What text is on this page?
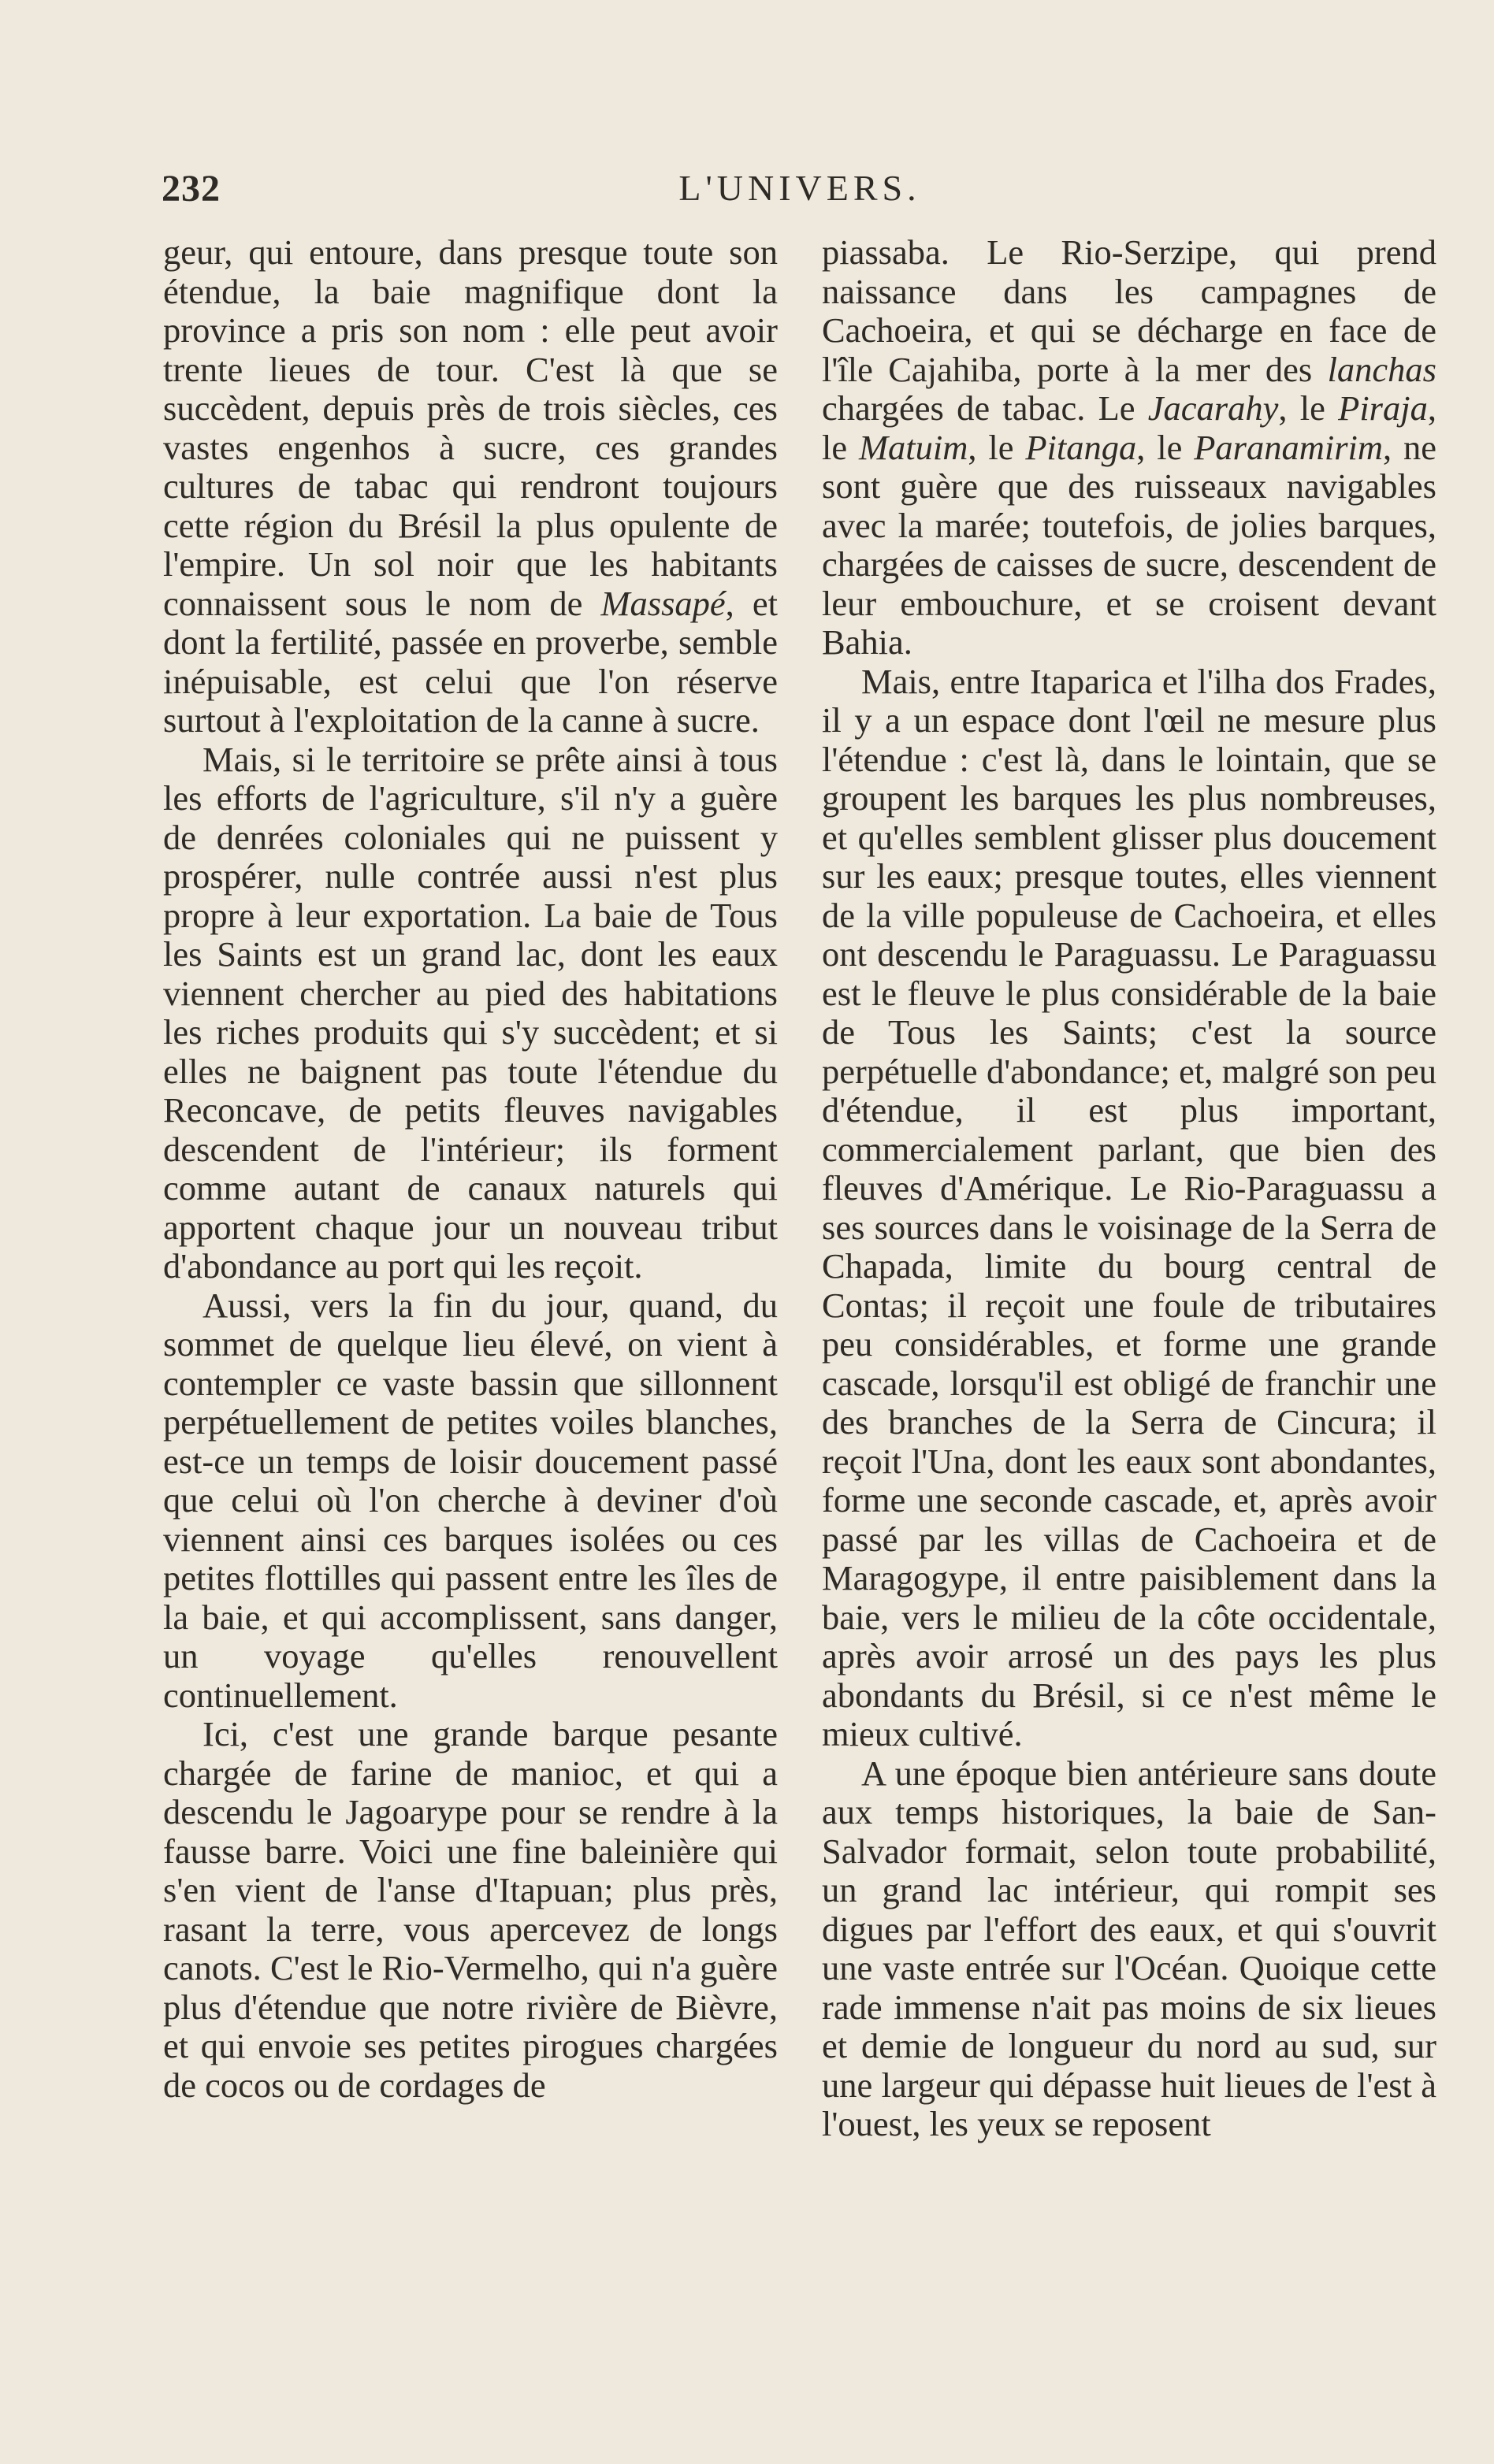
232	L'UNIVERS.

geur, qui entoure, dans presque toute son étendue, la baie magnifique dont la province a pris son nom : elle peut avoir trente lieues de tour. C'est là que se succèdent, depuis près de trois siècles, ces vastes engenhos à sucre, ces grandes cultures de tabac qui rendront toujours cette région du Brésil la plus opulente de l'empire. Un sol noir que les habitants connaissent sous le nom de Massapé, et dont la fertilité, passée en proverbe, semble inépuisable, est celui que l'on réserve surtout à l'exploitation de la canne à sucre.

Mais, si le territoire se prête ainsi à tous les efforts de l'agriculture, s'il n'y a guère de denrées coloniales qui ne puissent y prospérer, nulle contrée aussi n'est plus propre à leur exportation. La baie de Tous les Saints est un grand lac, dont les eaux viennent chercher au pied des habitations les riches produits qui s'y succèdent; et si elles ne baignent pas toute l'étendue du Reconcave, de petits fleuves navigables descendent de l'intérieur; ils forment comme autant de canaux naturels qui apportent chaque jour un nouveau tribut d'abondance au port qui les reçoit.

Aussi, vers la fin du jour, quand, du sommet de quelque lieu élevé, on vient à contempler ce vaste bassin que sillonnent perpétuellement de petites voiles blanches, est-ce un temps de loisir doucement passé que celui où l'on cherche à deviner d'où viennent ainsi ces barques isolées ou ces petites flottilles qui passent entre les îles de la baie, et qui accomplissent, sans danger, un voyage qu'elles renouvellent continuellement.

Ici, c'est une grande barque pesante chargée de farine de manioc, et qui a descendu le Jagoarype pour se rendre à la fausse barre. Voici une fine baleinière qui s'en vient de l'anse d'Itapuan; plus près, rasant la terre, vous apercevez de longs canots. C'est le Rio-Vermelho, qui n'a guère plus d'étendue que notre rivière de Bièvre, et qui envoie ses petites pirogues chargées de cocos ou de cordages de

piassaba. Le Rio-Serzipe, qui prend naissance dans les campagnes de Cachoeira, et qui se décharge en face de l'île Cajahiba, porte à la mer des lanchas chargées de tabac. Le Jacarahy, le Piraja, le Matuim, le Pitanga, le Paranamirim, ne sont guère que des ruisseaux navigables avec la marée; toutefois, de jolies barques, chargées de caisses de sucre, descendent de leur embouchure, et se croisent devant Bahia.

Mais, entre Itaparica et l'ilha dos Frades, il y a un espace dont l'œil ne mesure plus l'étendue : c'est là, dans le lointain, que se groupent les barques les plus nombreuses, et qu'elles semblent glisser plus doucement sur les eaux; presque toutes, elles viennent de la ville populeuse de Cachoeira, et elles ont descendu le Paraguassu. Le Paraguassu est le fleuve le plus considérable de la baie de Tous les Saints; c'est la source perpétuelle d'abondance; et, malgré son peu d'étendue, il est plus important, commercialement parlant, que bien des fleuves d'Amérique. Le Rio-Paraguassu a ses sources dans le voisinage de la Serra de Chapada, limite du bourg central de Contas; il reçoit une foule de tributaires peu considérables, et forme une grande cascade, lorsqu'il est obligé de franchir une des branches de la Serra de Cincura; il reçoit l'Una, dont les eaux sont abondantes, forme une seconde cascade, et, après avoir passé par les villas de Cachoeira et de Maragogype, il entre paisiblement dans la baie, vers le milieu de la côte occidentale, après avoir arrosé un des pays les plus abondants du Brésil, si ce n'est même le mieux cultivé.

A une époque bien antérieure sans doute aux temps historiques, la baie de San-Salvador formait, selon toute probabilité, un grand lac intérieur, qui rompit ses digues par l'effort des eaux, et qui s'ouvrit une vaste entrée sur l'Océan. Quoique cette rade immense n'ait pas moins de six lieues et demie de longueur du nord au sud, sur une largeur qui dépasse huit lieues de l'est à l'ouest, les yeux se reposent
